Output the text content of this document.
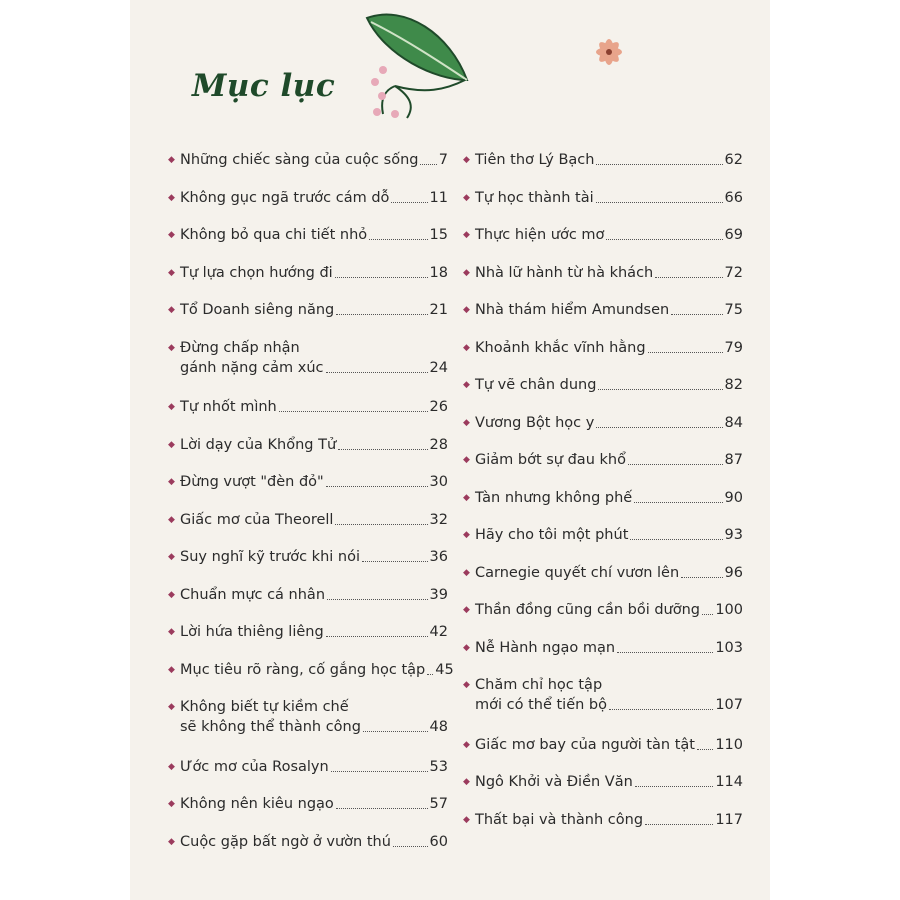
Mục lục
◆ Những chiếc sàng của cuộc sống 7
◆ Không gục ngã trước cám dỗ	11
◆ Không bỏ qua chi tiết nhỏ	15
◆ Tự lựa chọn hướng đi	18
◆ Tổ Doanh siêng năng	21
◆ Đừng chấp nhận
gánh nặng cảm xúc	24
◆ Tự nhốt mình	26
◆ Lời dạy của Khổng Tử	28
◆ Đừng vượt "đèn đỏ"	30
◆ Giấc mơ của Theorell	32
◆ Suy nghĩ kỹ trước khi nói	36
◆ Chuẩn mực cá nhân	39
◆ Lời hứa thiêng liêng	42
◆ Mục tiêu rõ ràng, cố gắng học tập 45
◆ Không biết tự kiềm chế
sẽ không thể thành công	48
◆ Ước mơ của Rosalyn	53
◆ Không nên kiêu ngạo	57
◆ Cuộc gặp bất ngờ ở vườn thú	60
◆ Tiên thơ Lý Bạch	62
◆ Tự học thành tài	66
◆ Thực hiện ước mơ	69
◆ Nhà lữ hành từ hà khách	72
◆ Nhà thám hiểm Amundsen	75
◆ Khoảnh khắc vĩnh hằng	79
◆ Tự vẽ chân dung	82
◆ Vương Bột học y	84
◆ Giảm bớt sự đau khổ	87
◆ Tàn nhưng không phế	90
◆ Hãy cho tôi một phút	93
◆ Carnegie quyết chí vươn lên	96
◆ Thần đồng cũng cần bồi dưỡng 100
◆ Nễ Hành ngạo mạn	103
◆ Chăm chỉ học tập
mới có thể tiến bộ	107
◆ Giấc mơ bay của người tàn tật 110
◆ Ngô Khởi và Điền Văn	114
◆ Thất bại và thành công	117
